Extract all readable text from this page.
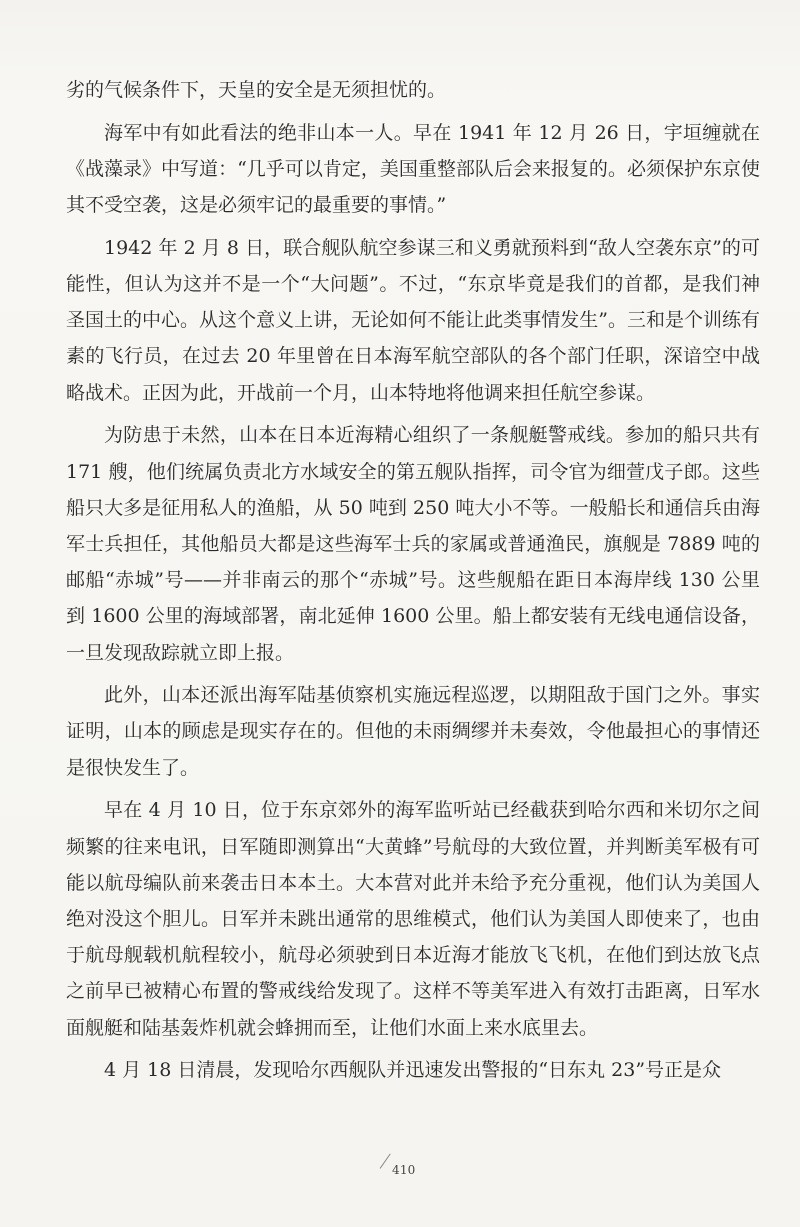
劣的气候条件下，天皇的安全是无须担忧的。

海军中有如此看法的绝非山本一人。早在 1941 年 12 月 26 日，宇垣缠就在《战藻录》中写道：“几乎可以肯定，美国重整部队后会来报复的。必须保护东京使其不受空袭，这是必须牢记的最重要的事情。”

1942 年 2 月 8 日，联合舰队航空参谋三和义勇就预料到“敌人空袭东京”的可能性，但认为这并不是一个“大问题”。不过，“东京毕竟是我们的首都，是我们神圣国土的中心。从这个意义上讲，无论如何不能让此类事情发生”。三和是个训练有素的飞行员，在过去 20 年里曾在日本海军航空部队的各个部门任职，深谙空中战略战术。正因为此，开战前一个月，山本特地将他调来担任航空参谋。

为防患于未然，山本在日本近海精心组织了一条舰艇警戒线。参加的船只共有 171 艘，他们统属负责北方水域安全的第五舰队指挥，司令官为细萱戊子郎。这些船只大多是征用私人的渔船，从 50 吨到 250 吨大小不等。一般船长和通信兵由海军士兵担任，其他船员大都是这些海军士兵的家属或普通渔民，旗舰是 7889 吨的邮船“赤城”号——并非南云的那个“赤城”号。这些舰船在距日本海岸线 130 公里到 1600 公里的海域部署，南北延伸 1600 公里。船上都安装有无线电通信设备，一旦发现敌踪就立即上报。

此外，山本还派出海军陆基侦察机实施远程巡逻，以期阻敌于国门之外。事实证明，山本的顾虑是现实存在的。但他的未雨绸缪并未奏效，令他最担心的事情还是很快发生了。

早在 4 月 10 日，位于东京郊外的海军监听站已经截获到哈尔西和米切尔之间频繁的往来电讯，日军随即测算出“大黄蜂”号航母的大致位置，并判断美军极有可能以航母编队前来袭击日本本土。大本营对此并未给予充分重视，他们认为美国人绝对没这个胆儿。日军并未跳出通常的思维模式，他们认为美国人即使来了，也由于航母舰载机航程较小，航母必须驶到日本近海才能放飞飞机，在他们到达放飞点之前早已被精心布置的警戒线给发现了。这样不等美军进入有效打击距离，日军水面舰艇和陆基轰炸机就会蜂拥而至，让他们水面上来水底里去。

4 月 18 日清晨，发现哈尔西舰队并迅速发出警报的“日东丸 23”号正是众

410
